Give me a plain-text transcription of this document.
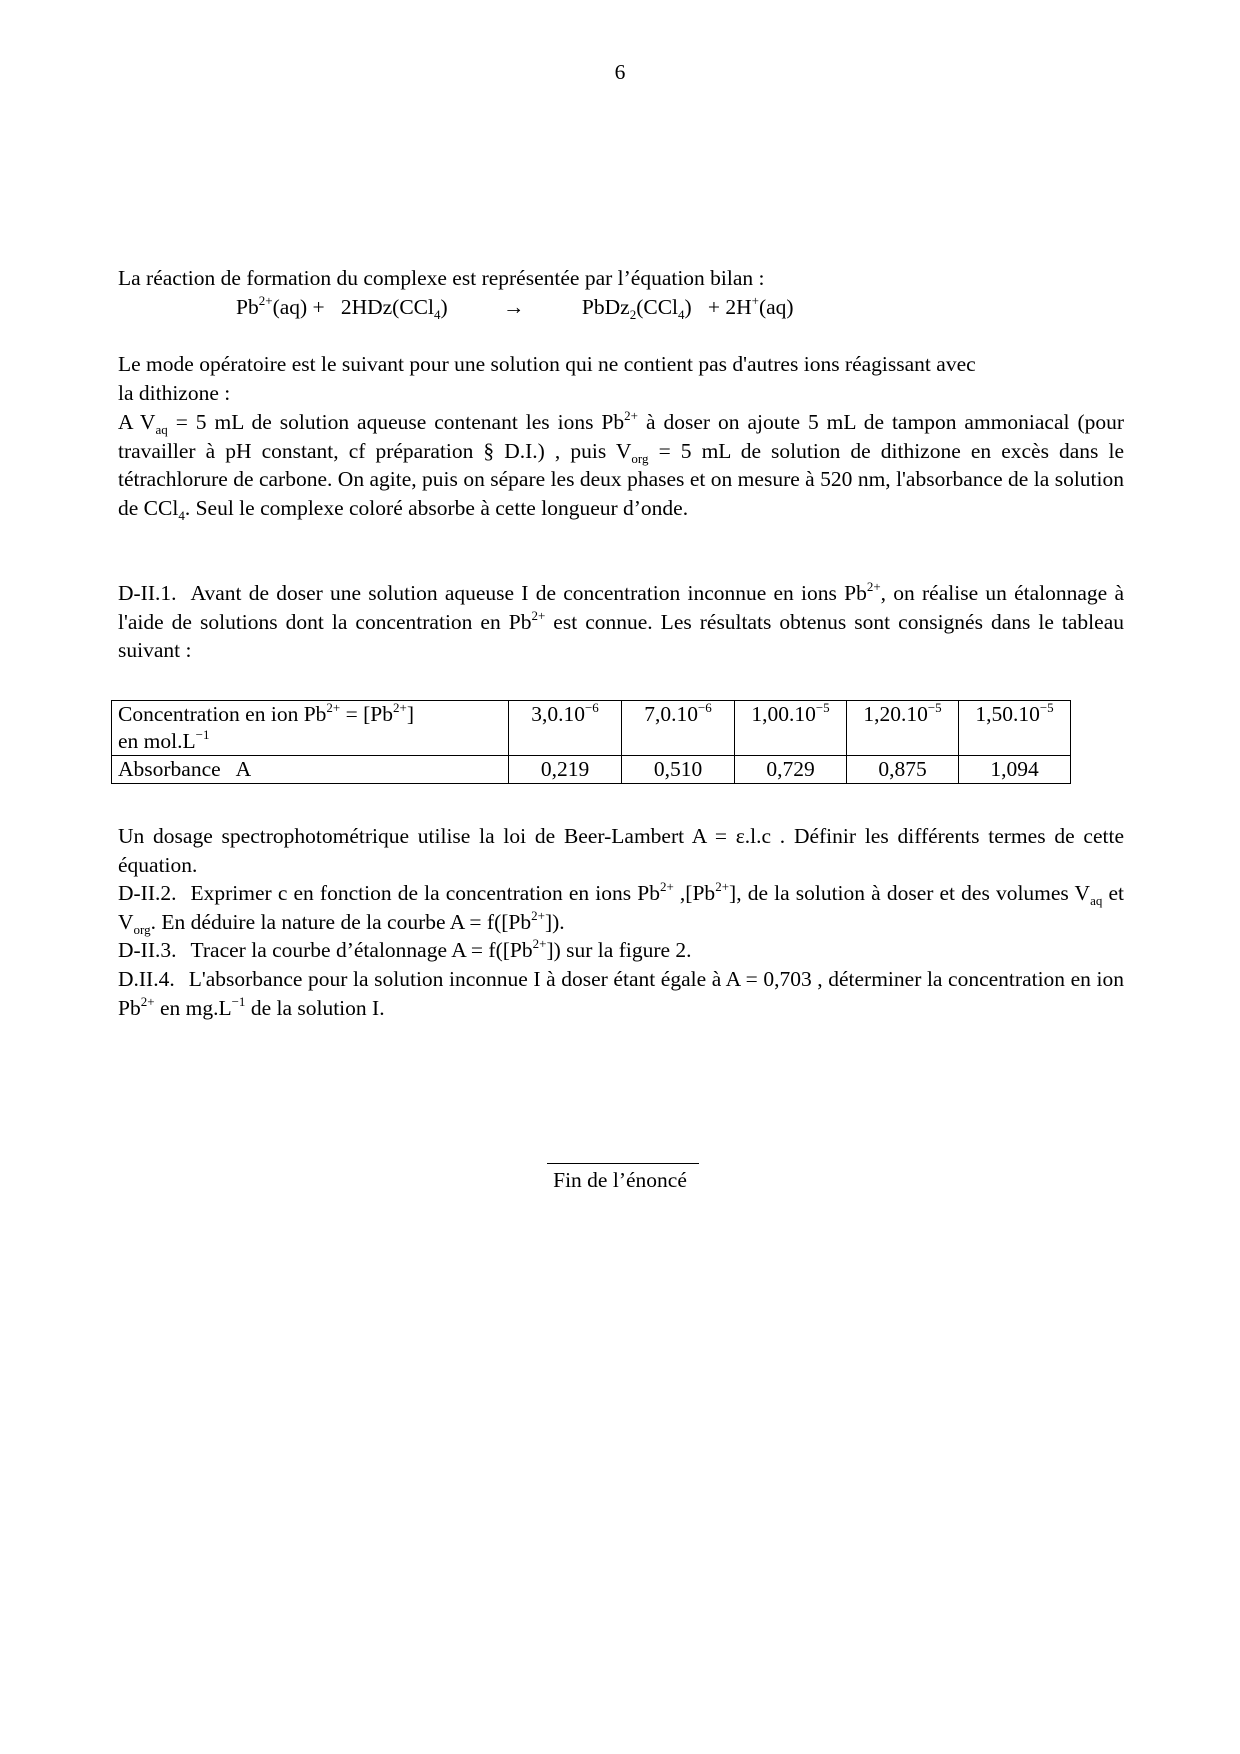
6

La réaction de formation du complexe est représentée par l’équation bilan :

$Pb^{2+}(aq) + 2HDz(CCl_4)$	→	PbDz$_2$(CCl$_4$) + 2H+(aq)

Le mode opératoire est le suivant pour une solution qui ne contient pas d'autres ions réagissant avec

la dithizone :

A $V_{aq} = 5$ mL de solution aqueuse contenant les ions $Pb^{2+}$ à doser on ajoute 5 mL de tampon ammoniacal (pour travailler à pH constant, cf préparation § D.I.) , puis $V_{org} = 5$ mL de solution de dithizone en excès dans le tétrachlorure de carbone. On agite, puis on sépare les deux phases et on mesure à 520 nm, l'absorbance de la solution de CCl$_4$. Seul le complexe coloré absorbe à cette longueur d’onde.

D-II.1. Avant de doser une solution aqueuse I de concentration inconnue en ions $Pb^{2+}$, on réalise un étalonnage à l'aide de solutions dont la concentration en $Pb^{2+}$ est connue. Les résultats obtenus sont consignés dans le tableau suivant :

Concentration en ion $Pb^{2+} = [Pb^{2+}]$
en $mol.L^{-1}$	$3,0.10^{-6}$	$7,0.10^{-6}$	$1,00.10^{-5}$	$1,20.10^{-5}$	$1,50.10^{-5}$
Absorbance   A	0,219	0,510	0,729	0,875	1,094

Un dosage spectrophotométrique utilise la loi de Beer-Lambert A = ε.l.c . Définir les différents termes de cette équation.

D-II.2. Exprimer c en fonction de la concentration en ions $Pb^{2+}$ $,[Pb^{2+}]$, de la solution à doser et des volumes $V_{aq}$ et $V_{org}$. En déduire la nature de la courbe $A = f([Pb^{2+}])$.

D-II.3. Tracer la courbe d’étalonnage $A = f([Pb^{2+}])$ sur la figure 2.

D.II.4. L'absorbance pour la solution inconnue I à doser étant égale à A = 0,703 , déterminer la concentration en ion $Pb^{2+}$ en $mg.L^{-1}$ de la solution I.

Fin de l’énoncé
